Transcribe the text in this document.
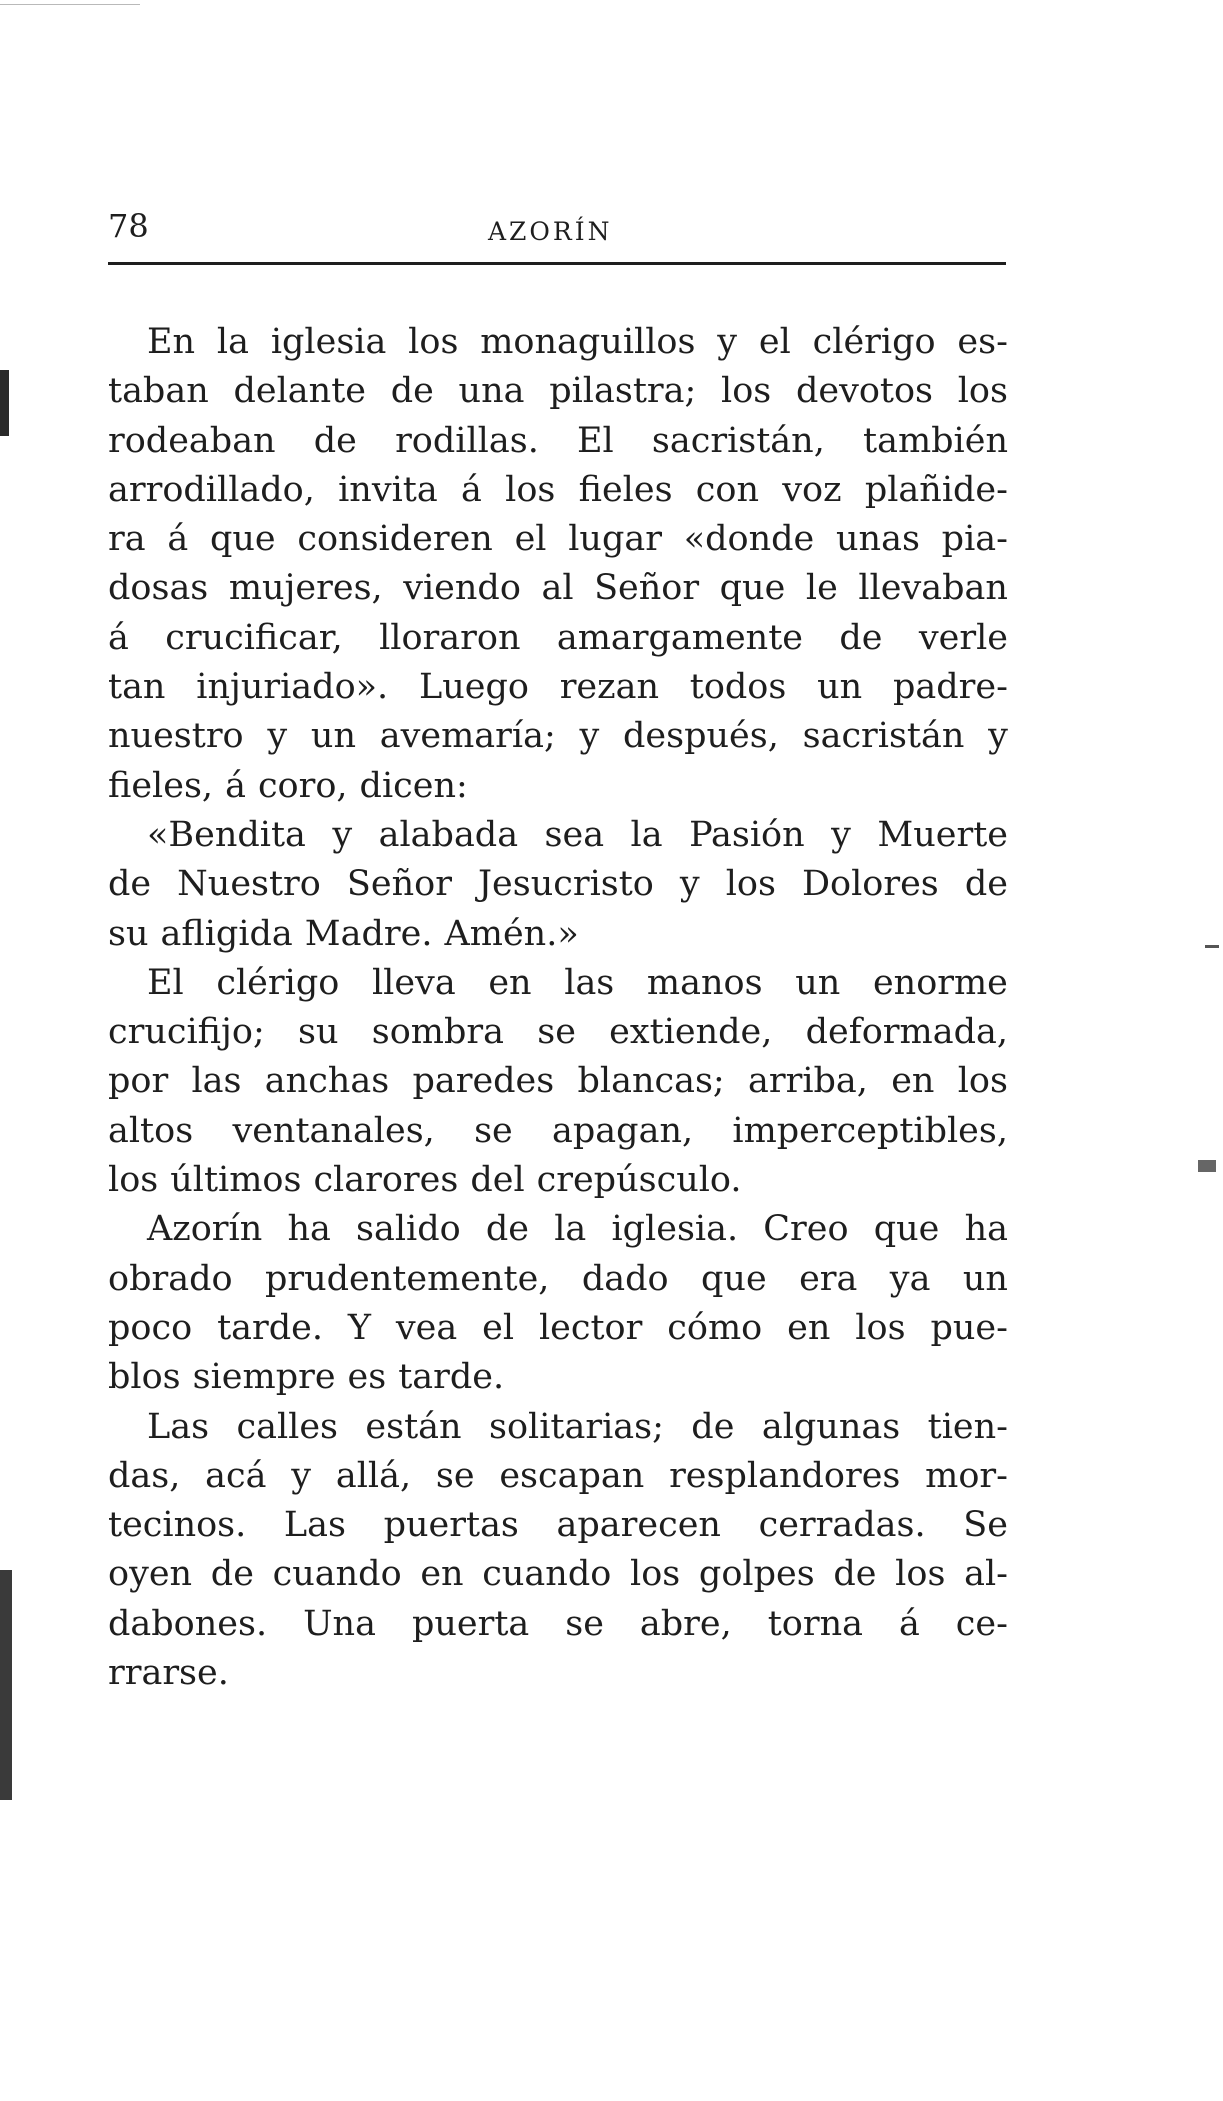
78	AZORÍN
En la iglesia los monaguillos y el clérigo es-
taban delante de una pilastra; los devotos los
rodeaban de rodillas. El sacristán, también
arrodillado, invita á los fieles con voz plañide-
ra á que consideren el lugar «donde unas pia-
dosas mujeres, viendo al Señor que le llevaban
á crucificar, lloraron amargamente de verle
tan injuriado». Luego rezan todos un padre-
nuestro y un avemaría; y después, sacristán y
fieles, á coro, dicen:
«Bendita y alabada sea la Pasión y Muerte
de Nuestro Señor Jesucristo y los Dolores de
su afligida Madre. Amén.»
El clérigo lleva en las manos un enorme
crucifijo; su sombra se extiende, deformada,
por las anchas paredes blancas; arriba, en los
altos ventanales, se apagan, imperceptibles,
los últimos clarores del crepúsculo.
Azorín ha salido de la iglesia. Creo que ha
obrado prudentemente, dado que era ya un
poco tarde. Y vea el lector cómo en los pue-
blos siempre es tarde.
Las calles están solitarias; de algunas tien-
das, acá y allá, se escapan resplandores mor-
tecinos. Las puertas aparecen cerradas. Se
oyen de cuando en cuando los golpes de los al-
dabones. Una puerta se abre, torna á ce-
rrarse.
